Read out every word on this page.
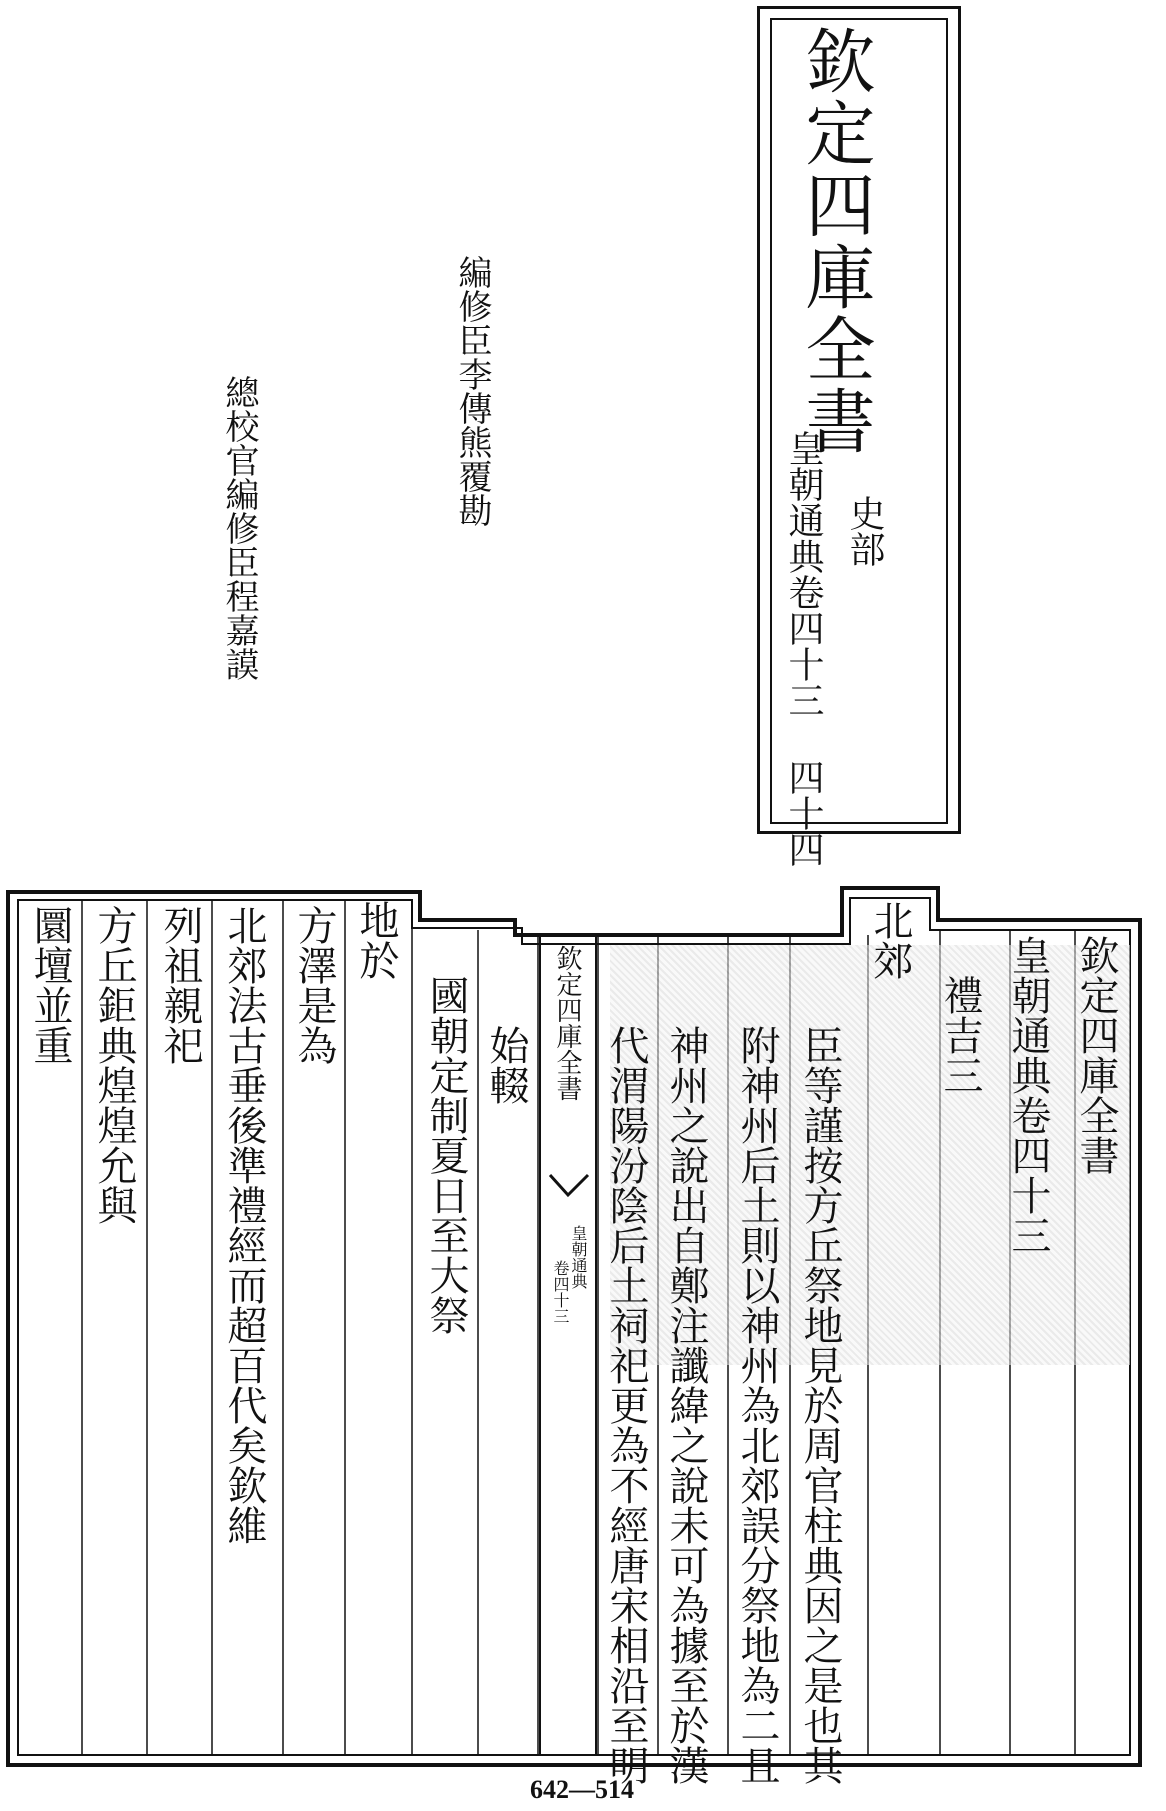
欽定四庫全書
皇朝通典卷四十三 四十四 史部
編修臣李傳熊覆勘
總校官編修臣程嘉謨
欽定四庫全書
皇朝通典卷四十三
禮吉三
北郊
臣等謹按方丘祭地見於周官柱典因之是也其
附神州后土則以神州為北郊誤分祭地為二且
神州之說出自鄭注讖緯之說未可為據至於漢
代渭陽汾陰后土祠祀更為不經唐宋相沿至明
欽定四庫全書
皇朝通典
卷四十三
始輟
國朝定制夏日至大祭
地於
方澤是為
北郊法古垂後準禮經而超百代矣欽維
列祖親祀
方丘鉅典煌煌允與
圜壇並重
642—514
